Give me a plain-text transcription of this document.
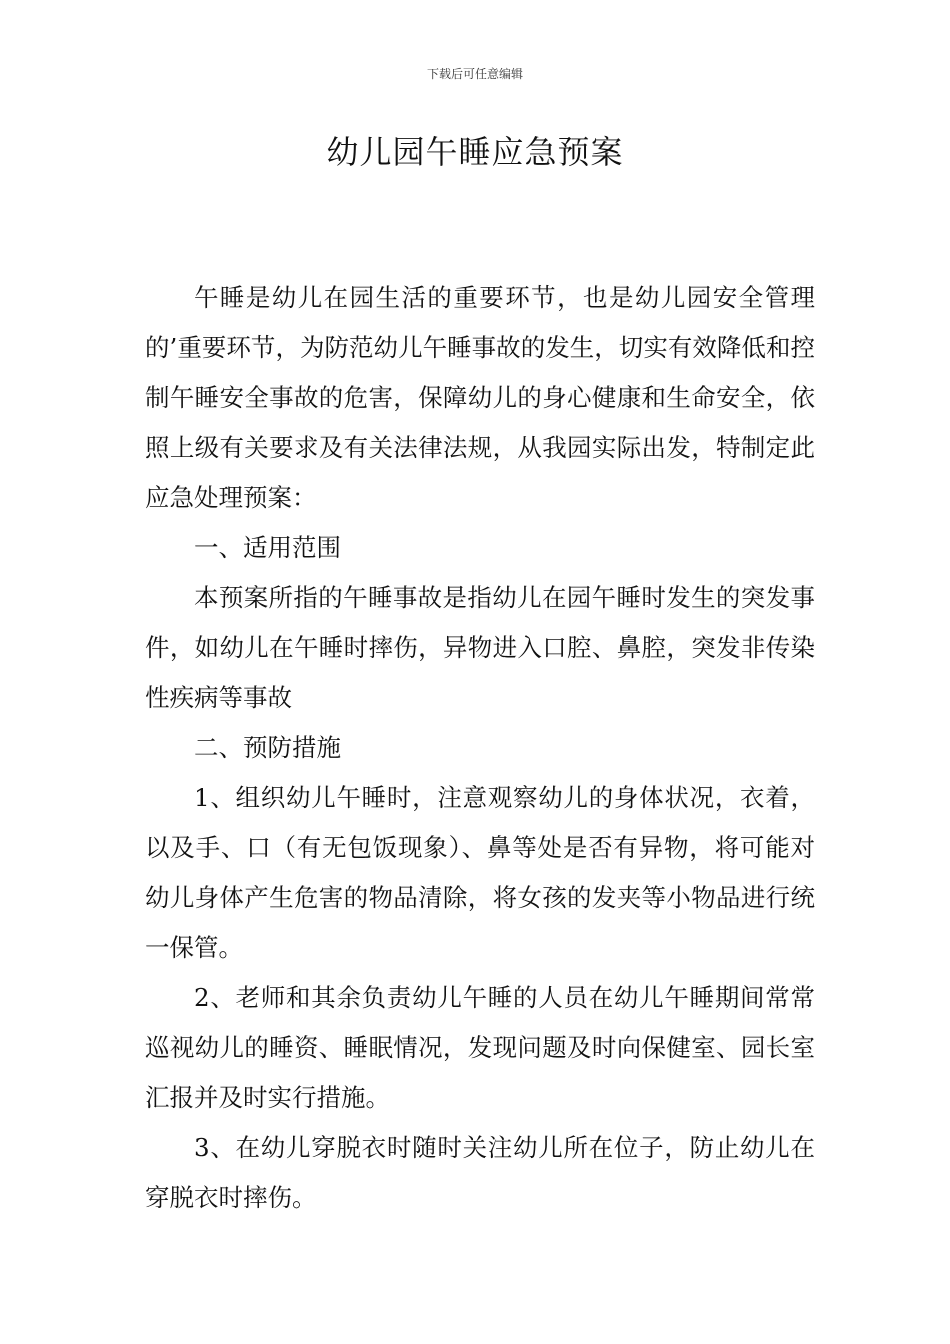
下载后可任意编辑
幼儿园午睡应急预案

午睡是幼儿在园生活的重要环节，也是幼儿园安全管理的’重要环节，为防范幼儿午睡事故的发生，切实有效降低和控制午睡安全事故的危害，保障幼儿的身心健康和生命安全，依照上级有关要求及有关法律法规，从我园实际出发，特制定此应急处理预案：

一、适用范围

本预案所指的午睡事故是指幼儿在园午睡时发生的突发事件，如幼儿在午睡时摔伤，异物进入口腔、鼻腔，突发非传染性疾病等事故

二、预防措施

1、组织幼儿午睡时，注意观察幼儿的身体状况，衣着，以及手、口（有无包饭现象）、鼻等处是否有异物，将可能对幼儿身体产生危害的物品清除，将女孩的发夹等小物品进行统一保管。

2、老师和其余负责幼儿午睡的人员在幼儿午睡期间常常巡视幼儿的睡资、睡眠情况，发现问题及时向保健室、园长室汇报并及时实行措施。

3、在幼儿穿脱衣时随时关注幼儿所在位子，防止幼儿在穿脱衣时摔伤。
